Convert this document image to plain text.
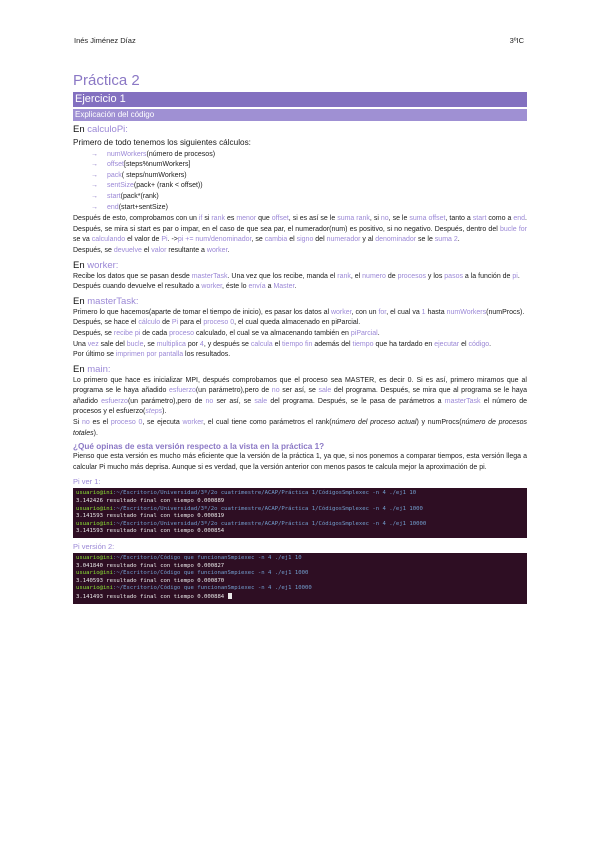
Inés Jiménez Díaz	3ºIC
Práctica 2
Ejercicio 1
Explicación del código
En calculoPi:

Primero de todo tenemos los siguientes cálculos:

→ numWorkers(número de procesos)
→ offset[steps%numWorkers]
→ pack( steps/numWorkers)
→ sentSize(pack+ (rank < offset))
→ start(pack*(rank)
→ end(start+sentSize)

Después de esto, comprobamos con un if si rank es menor que offset, si es así se le suma rank, si no, se le suma offset, tanto a start como a end. Después, se mira si start es par o impar, en el caso de que sea par, el numerador(num) es positivo, si no negativo. Después, dentro del bucle for se va calculando el valor de Pi. ->pi += num/denominador, se cambia el signo del numerador y al denominador se le suma 2.

Después, se devuelve el valor resultante a worker.

En worker:

Recibe los datos que se pasan desde masterTask. Una vez que los recibe, manda el rank, el numero de procesos y los pasos a la función de pi.

Después cuando devuelve el resultado a worker, éste lo envía a Master.

En masterTask:

Primero lo que hacemos(aparte de tomar el tiempo de inicio), es pasar los datos al worker, con un for, el cual va 1 hasta numWorkers(numProcs).

Después, se hace el cálculo de Pi para el proceso 0, el cual queda almacenado en piParcial.

Después, se recibe pi de cada proceso calculado, el cual se va almacenando también en piParcial.

Una vez sale del bucle, se multiplica por 4, y después se calcula el tiempo fin además del tiempo que ha tardado en ejecutar el código.

Por último se imprimen por pantalla los resultados.

En main:

Lo primero que hace es inicializar MPI, después comprobamos que el proceso sea MASTER, es decir 0. Si es así, primero miramos que al programa se le haya añadido esfuerzo(un parámetro),pero de no ser así, se sale del programa. Después, se mira que al programa se le haya añadido esfuerzo(un parámetro),pero de no ser así, se sale del programa. Después, se le pasa de parámetros a masterTask el número de procesos y el esfuerzo(steps).

Si no es el proceso 0, se ejecuta worker, el cual tiene como parámetros el rank(número del proceso actual) y numProcs(número de procesos totales).

¿Qué opinas de esta versión respecto a la vista en la práctica 1?

Pienso que esta versión es mucho más eficiente que la versión de la práctica 1, ya que, si nos ponemos a comparar tiempos, esta versión llega a calcular Pi mucho más deprisa. Aunque si es verdad, que la versión anterior con menos pasos te calcula mejor la aproximación de pi.

Pi ver 1:
usuario@ini:~/Escritorio/Universidad/3º/2o cuatrimestre/ACAP/Práctica 1/CódigosSmplexec -n 4 ./ej1 10
3.142426 resultado final con tiempo 0.000889
usuario@ini:~/Escritorio/Universidad/3º/2o cuatrimestre/ACAP/Práctica 1/CódigosSmplexec -n 4 ./ej1 1000
3.141593 resultado final con tiempo 0.000819
usuario@ini:~/Escritorio/Universidad/3º/2o cuatrimestre/ACAP/Práctica 1/CódigosSmplexec -n 4 ./ej1 10000
3.141593 resultado final con tiempo 0.000854
Pi versión 2:
usuario@ini:~/Escritorio/Código que funcionanSmpiexec -n 4 ./ej1 10
3.041840 resultado final con tiempo 0.000827
usuario@ini:~/Escritorio/Código que funcionanSmpiexec -n 4 ./ej1 1000
3.140593 resultado final con tiempo 0.000870
usuario@ini:~/Escritorio/Código que funcionanSmpiexec -n 4 ./ej1 10000
3.141493 resultado final con tiempo 0.000884
